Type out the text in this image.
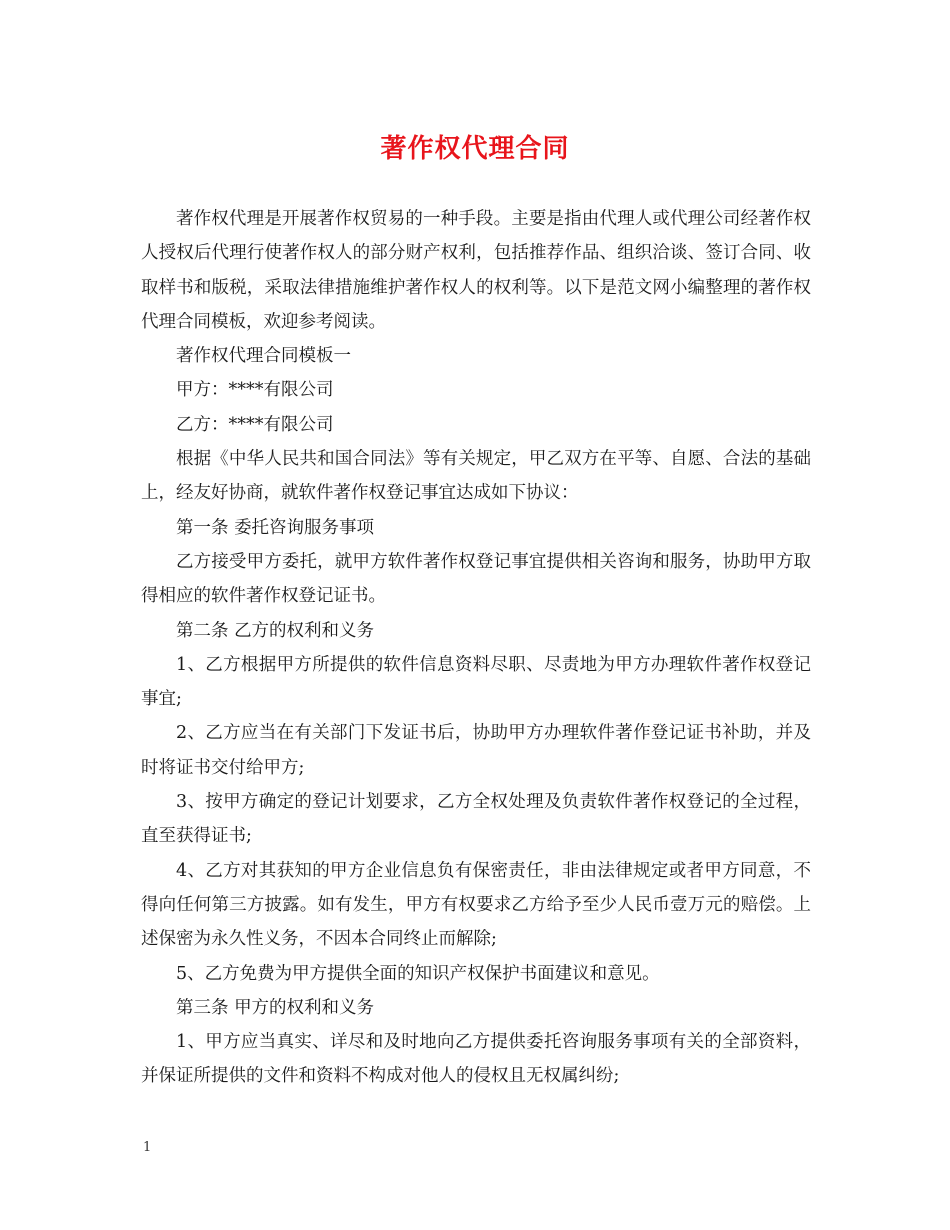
著作权代理合同

著作权代理是开展著作权贸易的一种手段。主要是指由代理人或代理公司经著作权人授权后代理行使著作权人的部分财产权利，包括推荐作品、组织洽谈、签订合同、收取样书和版税，采取法律措施维护著作权人的权利等。以下是范文网小编整理的著作权代理合同模板，欢迎参考阅读。

著作权代理合同模板一

甲方：****有限公司

乙方：****有限公司

根据《中华人民共和国合同法》等有关规定，甲乙双方在平等、自愿、合法的基础上，经友好协商，就软件著作权登记事宜达成如下协议：

第一条 委托咨询服务事项

乙方接受甲方委托，就甲方软件著作权登记事宜提供相关咨询和服务，协助甲方取得相应的软件著作权登记证书。

第二条 乙方的权利和义务

1、乙方根据甲方所提供的软件信息资料尽职、尽责地为甲方办理软件著作权登记事宜;

2、乙方应当在有关部门下发证书后，协助甲方办理软件著作登记证书补助，并及时将证书交付给甲方;

3、按甲方确定的登记计划要求，乙方全权处理及负责软件著作权登记的全过程，直至获得证书;

4、乙方对其获知的甲方企业信息负有保密责任，非由法律规定或者甲方同意，不得向任何第三方披露。如有发生，甲方有权要求乙方给予至少人民币壹万元的赔偿。上述保密为永久性义务，不因本合同终止而解除;

5、乙方免费为甲方提供全面的知识产权保护书面建议和意见。

第三条 甲方的权利和义务

1、甲方应当真实、详尽和及时地向乙方提供委托咨询服务事项有关的全部资料，并保证所提供的文件和资料不构成对他人的侵权且无权属纠纷;

1
